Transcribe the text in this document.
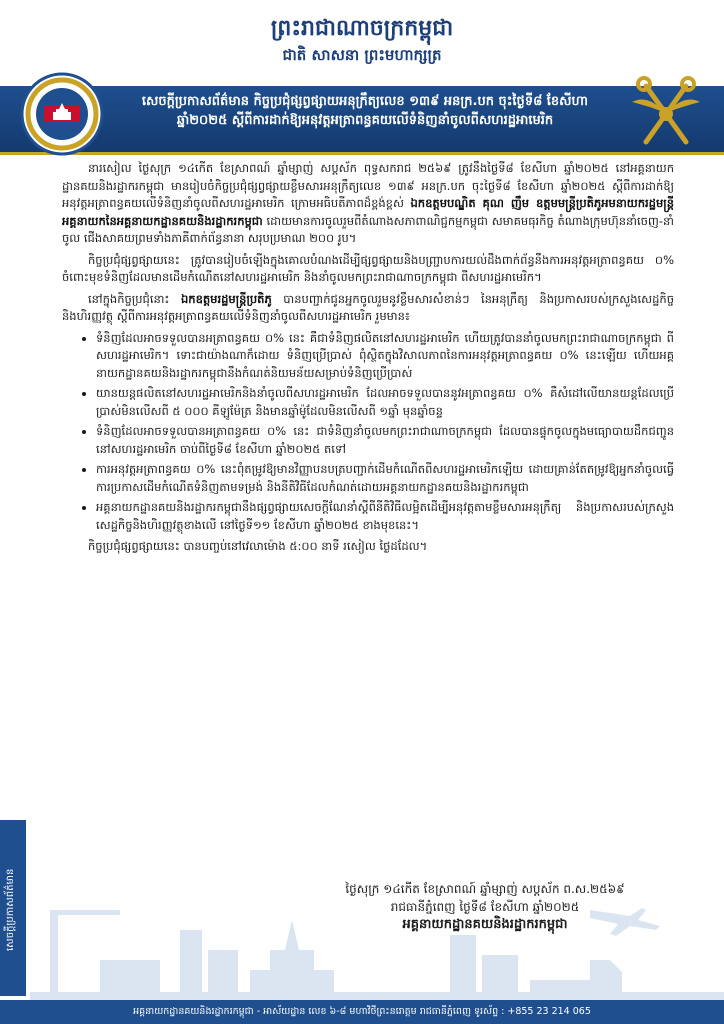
ព្រះរាជាណាចក្រកម្ពុជា
ជាតិ សាសនា ព្រះមហាក្សត្រ
សេចក្តីប្រកាសព័ត៌មាន កិច្ចប្រជុំផ្សព្វផ្សាយអនុក្រឹត្យលេខ ១៣៩ អនក្រ.បក ចុះថ្ងៃទី៨ ខែសីហា ឆ្នាំ២០២៥ ស្តីពីការដាក់ឱ្យអនុវត្តអត្រាពន្ធគយលើទំនិញនាំចូលពីសហរដ្ឋអាមេរិក

នារសៀល ថ្ងៃសុក្រ ១៤កើត ខែស្រាពណ៍ ឆ្នាំម្សាញ់ សប្តស័ក ពុទ្ធសករាជ ២៥៦៩ ត្រូវនឹងថ្ងៃទី៨ ខែសីហា ឆ្នាំ២០២៥ នៅអគ្គនាយកដ្ឋានគយនិងរដ្ឋាករកម្ពុជា មានរៀបចំកិច្ចប្រជុំផ្សព្វផ្សាយខ្លឹមសារអនុក្រឹត្យលេខ ១៣៩ អនក្រ.បក ចុះថ្ងៃទី៨ ខែសីហា ឆ្នាំ២០២៥ ស្តីពីការដាក់ឱ្យអនុវត្តអត្រាពន្ធគយលើទំនិញនាំចូលពីសហរដ្ឋអាមេរិក ក្រោមអធិបតីភាពដ៏ខ្ពង់ខ្ពស់ ឯកឧត្តមបណ្ឌិត គុណ ញឹម ឧត្តមមន្ត្រីប្រតិភូអមនាយករដ្ឋមន្ត្រី អគ្គនាយកនៃអគ្គនាយកដ្ឋានគយនិងរដ្ឋាករកម្ពុជា ដោយមានការចូលរួមពីតំណាងសភាពាណិជ្ជកម្មកម្ពុជា សមាគមធុរកិច្ច តំណាងក្រុមហ៊ុននាំចេញ-នាំចូល ជើងសាគយព្រមទាំងភាគីពាក់ព័ន្ធនានា សរុបប្រមាណ ២០០ រូប។

កិច្ចប្រជុំផ្សព្វផ្សាយនេះ ត្រូវបានរៀបចំឡើងក្នុងគោលបំណងដើម្បីផ្សព្វផ្សាយនិងបញ្ជ្រាបការយល់ដឹងពាក់ព័ន្ធនឹងការអនុវត្តអត្រាពន្ធគយ ០% ចំពោះមុខទំនិញដែលមានដើមកំណើតនៅសហរដ្ឋអាមេរិក និងនាំចូលមកព្រះរាជាណាចក្រកម្ពុជា ពីសហរដ្ឋអាមេរិក។

នៅក្នុងកិច្ចប្រជុំនោះ ឯកឧត្តមរដ្ឋមន្ត្រីប្រតិភូ បានបញ្ជាក់ជូនអ្នកចូលរួមនូវខ្លឹមសារសំខាន់ៗ នៃអនុក្រឹត្យ និងប្រកាសរបស់ក្រសួងសេដ្ឋកិច្ចនិងហិរញ្ញវត្ថុ ស្តីពីការអនុវត្តអត្រាពន្ធគយលើទំនិញនាំចូលពីសហរដ្ឋអាមេរិក រួមមាន៖

• ទំនិញដែលអាចទទួលបានអត្រាពន្ធគយ ០% នេះ គឺជាទំនិញផលិតនៅសហរដ្ឋអាមេរិក ហើយត្រូវបាននាំចូលមកព្រះរាជាណាចក្រកម្ពុជា ពីសហរដ្ឋអាមេរិក។ ទោះជាយ៉ាងណាក៏ដោយ ទំនិញប្រើប្រាស់ ពុំស្ថិតក្នុងវិសាលភាពនៃការអនុវត្តអត្រាពន្ធគយ ០% នេះឡើយ ហើយអគ្គនាយកដ្ឋានគយនិងរដ្ឋាករកម្ពុជានឹងកំណត់និយមន័យសម្រាប់ទំនិញប្រើប្រាស់
• យានយន្តផលិតនៅសហរដ្ឋអាមេរិកនិងនាំចូលពីសហរដ្ឋអាមេរិក ដែលអាចទទួលបាននូវអត្រាពន្ធគយ ០% គឺសំដៅលើយានយន្តដែលប្រើប្រាស់មិនលើសពី ៥ ០០០ គីឡូម៉ែត្រ និងមានឆ្នាំម៉ូដែលមិនលើសពី ១ឆ្នាំ មុនឆ្នាំចន្ទ
• ទំនិញដែលអាចទទួលបានអត្រាពន្ធគយ ០% នេះ ជាទំនិញនាំចូលមកព្រះរាជាណាចក្រកម្ពុជា ដែលបានផ្ទុកចូលក្នុងមធ្យោបាយដឹកជញ្ជូននៅសហរដ្ឋអាមេរិក ចាប់ពីថ្ងៃទី៨ ខែសីហា ឆ្នាំ២០២៥ តទៅ
• ការអនុវត្តអត្រាពន្ធគយ ០% នេះពុំតម្រូវឱ្យមានវិញ្ញាបនបត្របញ្ជាក់ដើមកំណើតពីសហរដ្ឋអាមេរិកឡើយ ដោយគ្រាន់តែតម្រូវឱ្យអ្នកនាំចូលធ្វើការប្រកាសដើមកំណើតទំនិញតាមទម្រង់ និងនីតិវិធីដែលកំណត់ដោយអគ្គនាយកដ្ឋានគយនិងរដ្ឋាករកម្ពុជា
• អគ្គនាយកដ្ឋានគយនិងរដ្ឋាករកម្ពុជានឹងផ្សព្វផ្សាយសេចក្តីណែនាំស្តីពីនីតិវិធីលម្អិតដើម្បីអនុវត្តតាមខ្លឹមសារអនុក្រឹត្យ និងប្រកាសរបស់ក្រសួងសេដ្ឋកិច្ចនិងហិរញ្ញវត្ថុខាងលើ នៅថ្ងៃទី១១ ខែសីហា ឆ្នាំ២០២៥ ខាងមុខនេះ។

កិច្ចប្រជុំផ្សព្វផ្សាយនេះ បានបញ្ចប់នៅវេលាម៉ោង ៥:០០ នាទី រសៀល ថ្ងៃដដែល។

សេចក្តីប្រកាសព័ត៌មាន	ថ្ងៃសុក្រ ១៤កើត ខែស្រាពណ៍ ឆ្នាំម្សាញ់ សប្តស័ក ព.ស.២៥៦៩
រាជធានីភ្នំពេញ ថ្ងៃទី៨ ខែសីហា ឆ្នាំ២០២៥
អគ្គនាយកដ្ឋានគយនិងរដ្ឋាករកម្ពុជា
អគ្គនាយកដ្ឋានគយនិងរដ្ឋាករកម្ពុជា - អាស័យដ្ឋាន លេខ ៦-៨ មហាវិថីព្រះនរោត្តម រាជធានីភ្នំពេញ ទូរស័ព្ទ : +855 23 214 065
